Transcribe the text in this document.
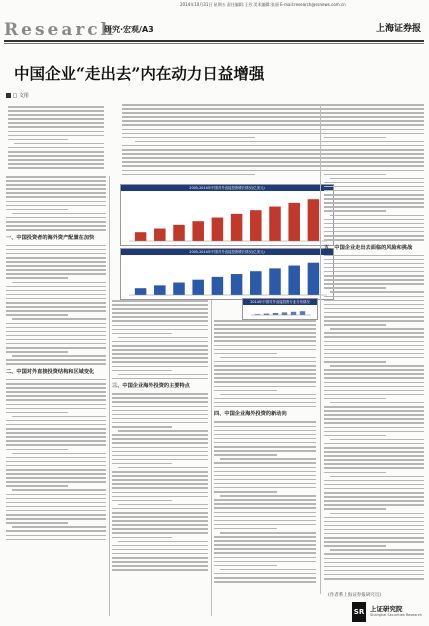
Research
研究·宏观/A3
2014年10月31日 星期五 责任编辑:王芳 美术编辑:张丽 E-mail:research@ssnews.com.cn
上海证券报
中国企业“走出去”内在动力日益增强
□ 文彤
一、中国投资者的海外资产配置在加快
二、中国对外直接投资结构和区域变化
三、中国企业海外投资的主要特点
2005-2014年中国对外直接投资增长情况(亿美元)
2005-2014年中国对外直接投资增长情况(亿美元)
四、中国企业海外投资的新动向
2014年中国对外直接投资行业分布情况
五、中国企业走出去面临的风险和挑战
(作者系上海证券报研究员)
SR 上证研究院
Shanghai Securities Research
